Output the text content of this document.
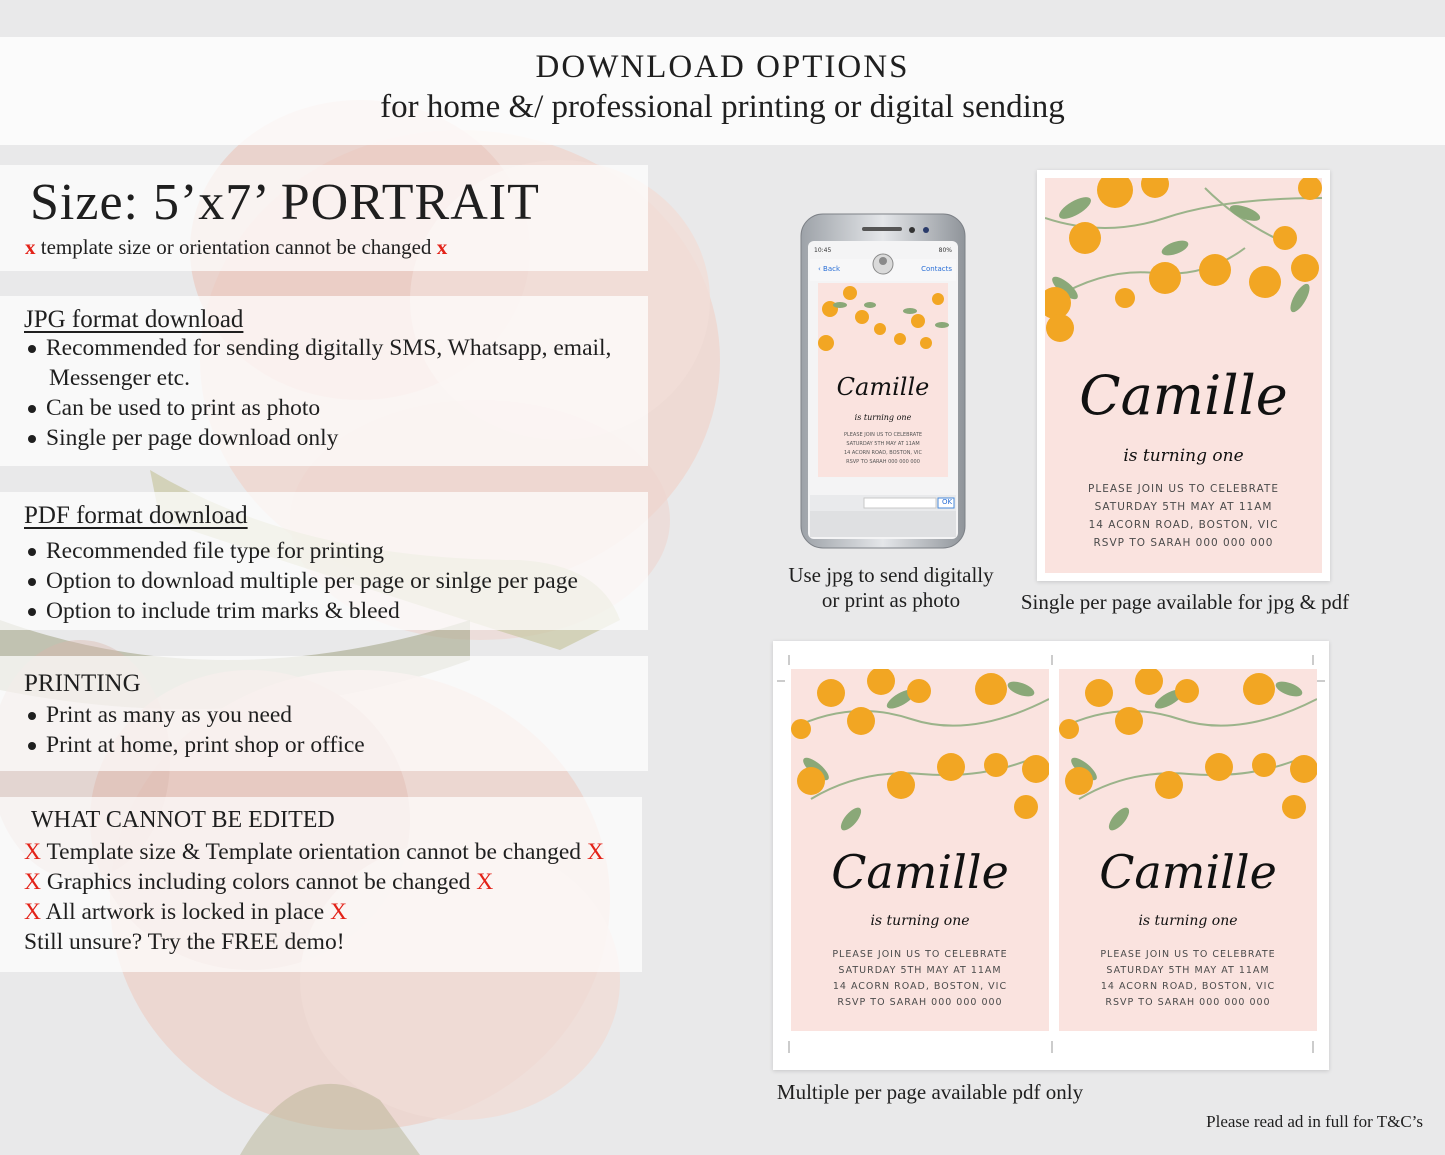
DOWNLOAD OPTIONS
for home &/ professional printing or digital sending
Size: 5’x7’ PORTRAIT
x template size or orientation cannot be changed x
JPG format download
Recommended for sending digitally SMS, Whatsapp, email,
Messenger etc.
Can be used to print as photo
Single per page download only
PDF format download
Recommended file type for printing
Option to download multiple per page or sinlge per page
Option to include trim marks & bleed
PRINTING
Print as many as you need
Print at home, print shop or office
WHAT CANNOT BE EDITED
X Template size & Template orientation cannot be changed X
X Graphics including colors cannot be changed X
X All artwork is locked in place X
Still unsure? Try the FREE demo!
10:45	80%
‹ Back	Contacts
Camille
is turning one
PLEASE JOIN US TO CELEBRATE
SATURDAY 5TH MAY AT 11AM
14 ACORN ROAD, BOSTON, VIC
RSVP TO SARAH 000 000 000
OK
Use jpg to send digitally
or print as photo
Camille
is turning one
PLEASE JOIN US TO CELEBRATE
SATURDAY 5TH MAY AT 11AM
14 ACORN ROAD, BOSTON, VIC
RSVP TO SARAH 000 000 000
Single per page available for jpg & pdf
Camille
is turning one
PLEASE JOIN US TO CELEBRATE
SATURDAY 5TH MAY AT 11AM
14 ACORN ROAD, BOSTON, VIC
RSVP TO SARAH 000 000 000
Camille
is turning one
PLEASE JOIN US TO CELEBRATE
SATURDAY 5TH MAY AT 11AM
14 ACORN ROAD, BOSTON, VIC
RSVP TO SARAH 000 000 000
Multiple per page available pdf only
Please read ad in full for T&C’s
